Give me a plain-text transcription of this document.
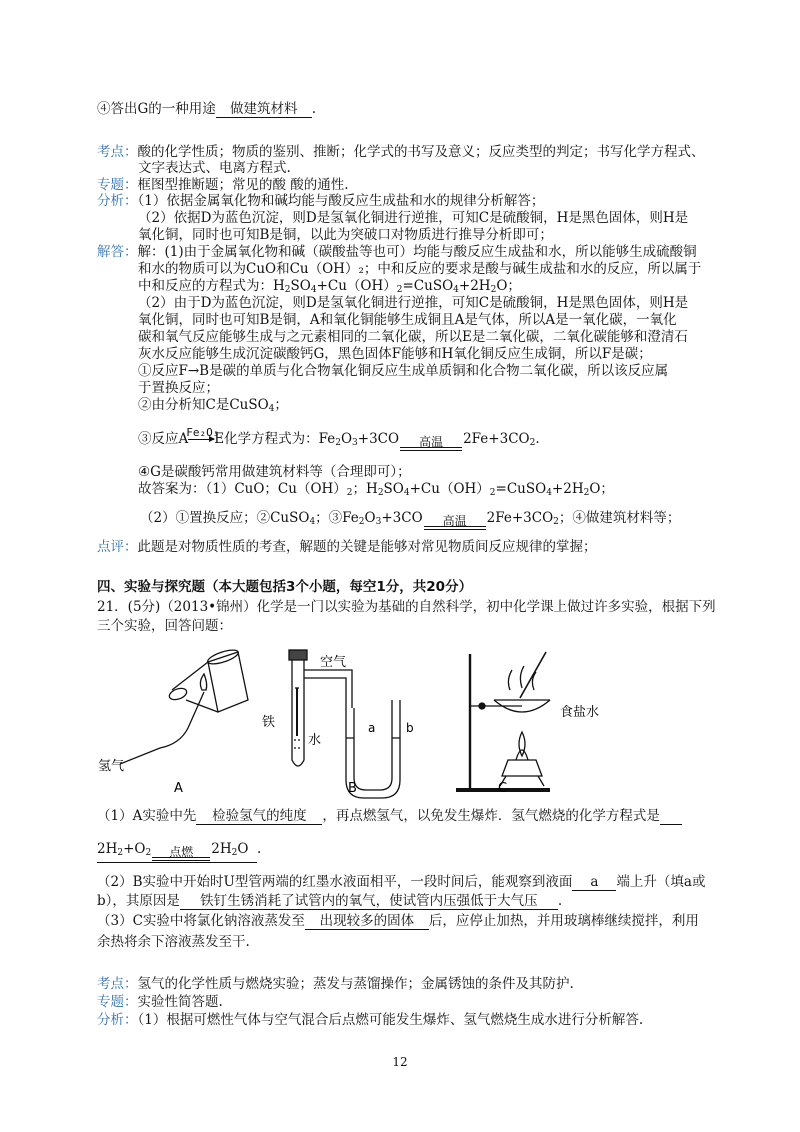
④答出G的一种用途 做建筑材料 .
考点：酸的化学性质；物质的鉴别、推断；化学式的书写及意义；反应类型的判定；书写化学方程式、
文字表达式、电离方程式.
专题：框图型推断题；常见的酸 酸的通性.
分析：（1）依据金属氧化物和碱均能与酸反应生成盐和水的规律分析解答；
（2）依据D为蓝色沉淀，则D是氢氧化铜进行逆推，可知C是硫酸铜，H是黑色固体，则H是
氧化铜，同时也可知B是铜，以此为突破口对物质进行推导分析即可；
解答：解：(1)由于金属氧化物和碱（碳酸盐等也可）均能与酸反应生成盐和水，所以能够生成硫酸铜
和水的物质可以为CuO和Cu（OH）₂；中和反应的要求是酸与碱生成盐和水的反应，所以属于
中和反应的方程式为：$H_2SO_4+Cu(OH)_2=CuSO_4+2H_2O$；
（2）由于D为蓝色沉淀，则D是氢氧化铜进行逆推，可知C是硫酸铜，H是黑色固体，则H是
氧化铜，同时也可知B是铜，A和氧化铜能够生成铜且A是气体，所以A是一氧化碳，一氧化
碳和氧气反应能够生成与之元素相同的二氧化碳，所以E是二氧化碳，二氧化碳能够和澄清石
灰水反应能够生成沉淀碳酸钙G，黑色固体F能够和H氧化铜反应生成铜，所以F是碳；
①反应F→B是碳的单质与化合物氧化铜反应生成单质铜和化合物二氧化碳，所以该反应属
于置换反应；
②由分析知C是CuSO$_4$；
③反应A
Fe₂O₃
E化学方程式为：$Fe_2O_3+3CO$	高温	$2Fe+3CO_2$.
④G是碳酸钙常用做建筑材料等（合理即可）；
故答案为：（1）CuO；$Cu(OH)_2$；$H_2SO_4+Cu(OH)_2=CuSO_4+2H_2O$；
（2）①置换反应；②CuSO$_4$；$③Fe_2O_3+3CO$	高温	$2Fe+3CO_2$；④做建筑材料等；
点评：此题是对物质性质的考查，解题的关键是能够对常见物质间反应规律的掌握；
四、实验与探究题（本大题包括3个小题，每空1分，共20分）
21．(5分)（2013•锦州）化学是一门以实验为基础的自然科学，初中化学课上做过许多实验，根据下列
三个实验，回答问题：
氢气
空气
铁
水
a	b
食盐水
A	B	C
（1）A实验中先 检验氢气的纯度 ，再点燃氢气，以免发生爆炸．氢气燃烧的化学方程式是
$2H_2+O_2$	点燃	$2H_2O$ .
（2）B实验中开始时U型管两端的红墨水液面相平，一段时间后，能观察到液面 a 端上升（填a或
b），其原因是 铁钉生锈消耗了试管内的氧气，使试管内压强低于大气压 .
（3）C实验中将氯化钠溶液蒸发至 出现较多的固体 后，应停止加热，并用玻璃棒继续搅拌，利用
余热将余下溶液蒸发至干.
考点：氢气的化学性质与燃烧实验；蒸发与蒸馏操作；金属锈蚀的条件及其防护.
专题：实验性简答题.
分析：（1）根据可燃性气体与空气混合后点燃可能发生爆炸、氢气燃烧生成水进行分析解答.
12
